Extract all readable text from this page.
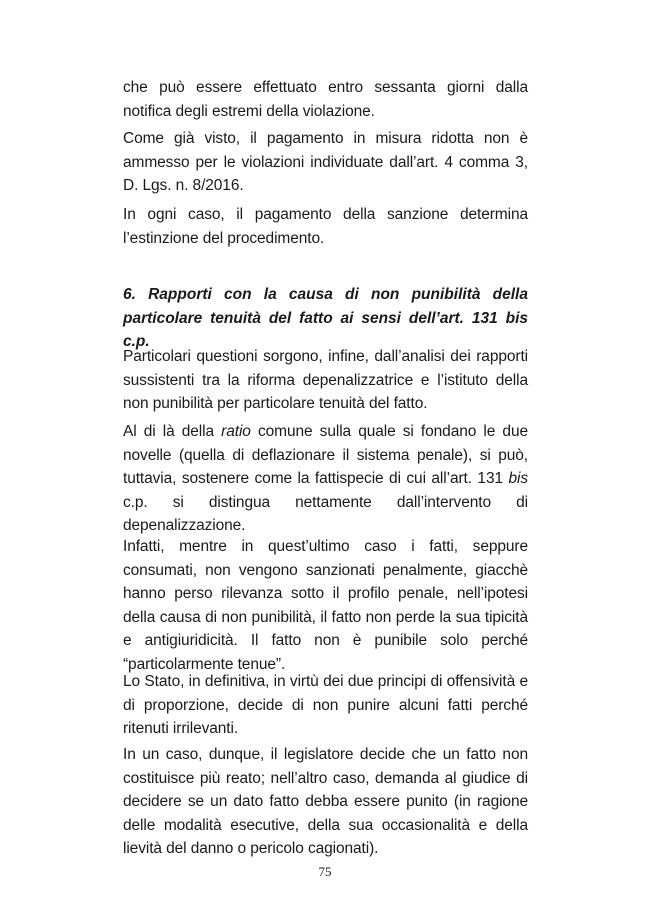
che può essere effettuato entro sessanta giorni dalla notifica degli estremi della violazione.

Come già visto, il pagamento in misura ridotta non è ammesso per le violazioni individuate dall’art. 4 comma 3, D. Lgs. n. 8/2016.

In ogni caso, il pagamento della sanzione determina l’estinzione del procedimento.

6. Rapporti con la causa di non punibilità della particolare tenuità del fatto ai sensi dell’art. 131 bis c.p.

Particolari questioni sorgono, infine, dall’analisi dei rapporti sussistenti tra la riforma depenalizzatrice e l’istituto della non punibilità per particolare tenuità del fatto.

Al di là della ratio comune sulla quale si fondano le due novelle (quella di deflazionare il sistema penale), si può, tuttavia, sostenere come la fattispecie di cui all’art. 131 bis c.p. si distingua nettamente dall’intervento di depenalizzazione.

Infatti, mentre in quest’ultimo caso i fatti, seppure consumati, non vengono sanzionati penalmente, giacchè hanno perso rilevanza sotto il profilo penale, nell’ipotesi della causa di non punibilità, il fatto non perde la sua tipicità e antigiuridicità. Il fatto non è punibile solo perché “particolarmente tenue”.

Lo Stato, in definitiva, in virtù dei due principi di offensività e di proporzione, decide di non punire alcuni fatti perché ritenuti irrilevanti.

In un caso, dunque, il legislatore decide che un fatto non costituisce più reato; nell’altro caso, demanda al giudice di decidere se un dato fatto debba essere punito (in ragione delle modalità esecutive, della sua occasionalità e della lievità del danno o pericolo cagionati).

75
